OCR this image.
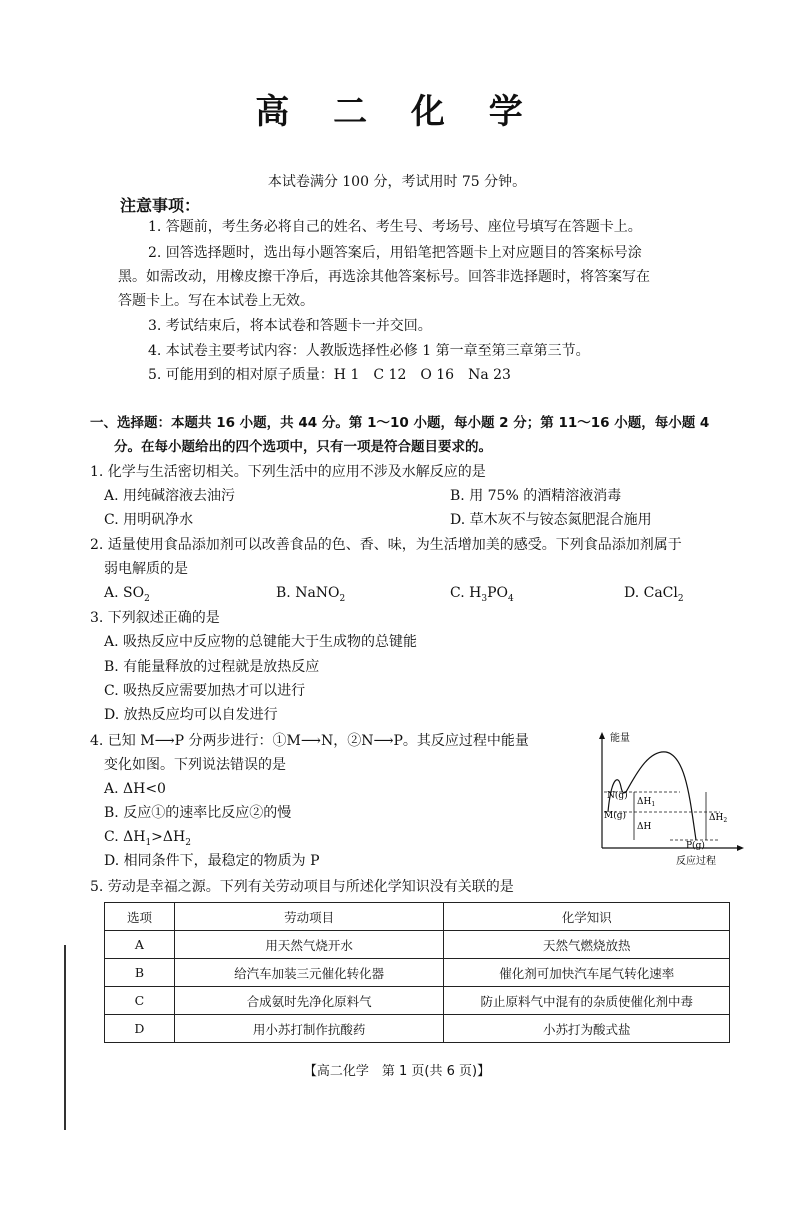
高 二 化 学
本试卷满分 100 分，考试用时 75 分钟。
注意事项：
1. 答题前，考生务必将自己的姓名、考生号、考场号、座位号填写在答题卡上。
2. 回答选择题时，选出每小题答案后，用铅笔把答题卡上对应题目的答案标号涂
黑。如需改动，用橡皮擦干净后，再选涂其他答案标号。回答非选择题时，将答案写在
答题卡上。写在本试卷上无效。
3. 考试结束后，将本试卷和答题卡一并交回。
4. 本试卷主要考试内容：人教版选择性必修 1 第一章至第三章第三节。
5. 可能用到的相对原子质量：H 1　C 12　O 16　Na 23
一、选择题：本题共 16 小题，共 44 分。第 1～10 小题，每小题 2 分；第 11～16 小题，每小题 4
分。在每小题给出的四个选项中，只有一项是符合题目要求的。
1. 化学与生活密切相关。下列生活中的应用不涉及水解反应的是
A. 用纯碱溶液去油污	B. 用 75% 的酒精溶液消毒
C. 用明矾净水	D. 草木灰不与铵态氮肥混合施用
2. 适量使用食品添加剂可以改善食品的色、香、味，为生活增加美的感受。下列食品添加剂属于
弱电解质的是
A. $SO_2$	B. NaNO$_2$	C. $H_3PO_4$	D. CaCl$_2$
3. 下列叙述正确的是
A. 吸热反应中反应物的总键能大于生成物的总键能
B. 有能量释放的过程就是放热反应
C. 吸热反应需要加热才可以进行
D. 放热反应均可以自发进行
4. 已知 M⟶P 分两步进行：①M⟶N，②N⟶P。其反应过程中能量
变化如图。下列说法错误的是
A. ΔH<0
B. 反应①的速率比反应②的慢
C. $\Delta H_1>\Delta H_2$
D. 相同条件下，最稳定的物质为 P
能量
反应过程
N(g)
M(g)
P(g)
$\Delta H_1$
ΔH
$\Delta H_2$
5. 劳动是幸福之源。下列有关劳动项目与所述化学知识没有关联的是
选项	劳动项目	化学知识
A	用天然气烧开水	天然气燃烧放热
B	给汽车加装三元催化转化器	催化剂可加快汽车尾气转化速率
C	合成氨时先净化原料气	防止原料气中混有的杂质使催化剂中毒
D	用小苏打制作抗酸药	小苏打为酸式盐
【高二化学　第 1 页(共 6 页)】
